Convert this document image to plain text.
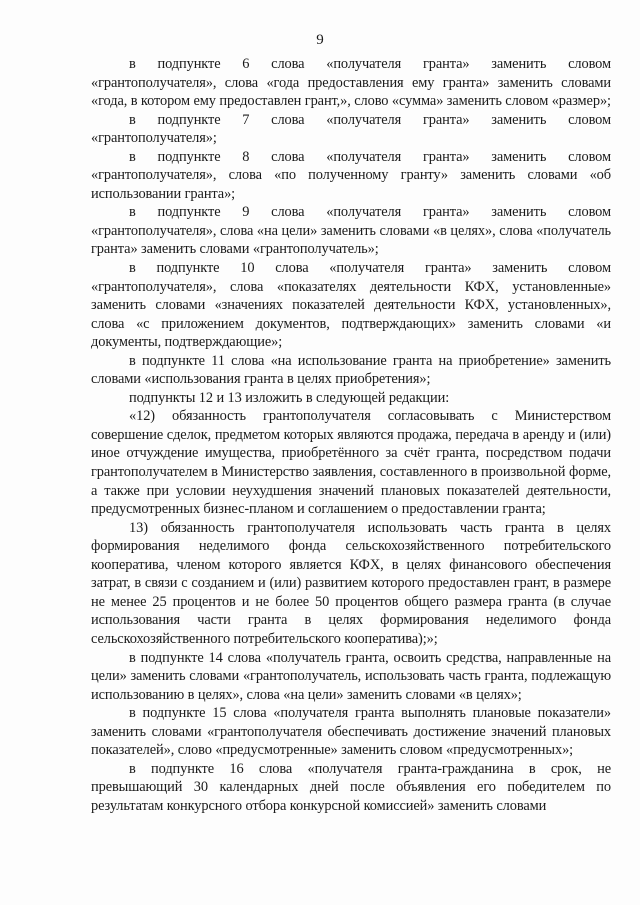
9

в подпункте 6 слова «получателя гранта» заменить словом «грантополучателя», слова «года предоставления ему гранта» заменить словами «года, в котором ему предоставлен грант,», слово «сумма» заменить словом «размер»;

в подпункте 7 слова «получателя гранта» заменить словом «грантополучателя»;

в подпункте 8 слова «получателя гранта» заменить словом «грантополучателя», слова «по полученному гранту» заменить словами «об использовании гранта»;

в подпункте 9 слова «получателя гранта» заменить словом «грантополучателя», слова «на цели» заменить словами «в целях», слова «получатель гранта» заменить словами «грантополучатель»;

в подпункте 10 слова «получателя гранта» заменить словом «грантополучателя», слова «показателях деятельности КФХ, установленные» заменить словами «значениях показателей деятельности КФХ, установленных», слова «с приложением документов, подтверждающих» заменить словами «и документы, подтверждающие»;

в подпункте 11 слова «на использование гранта на приобретение» заменить словами «использования гранта в целях приобретения»;

подпункты 12 и 13 изложить в следующей редакции:

«12) обязанность грантополучателя согласовывать с Министерством совершение сделок, предметом которых являются продажа, передача в аренду и (или) иное отчуждение имущества, приобретённого за счёт гранта, посредством подачи грантополучателем в Министерство заявления, составленного в произвольной форме, а также при условии неухудшения значений плановых показателей деятельности, предусмотренных бизнес-планом и соглашением о предоставлении гранта;

13) обязанность грантополучателя использовать часть гранта в целях формирования неделимого фонда сельскохозяйственного потребительского кооператива, членом которого является КФХ, в целях финансового обеспечения затрат, в связи с созданием и (или) развитием которого предоставлен грант, в размере не менее 25 процентов и не более 50 процентов общего размера гранта (в случае использования части гранта в целях формирования неделимого фонда сельскохозяйственного потребительского кооператива);»;

в подпункте 14 слова «получатель гранта, освоить средства, направленные на цели» заменить словами «грантополучатель, использовать часть гранта, подлежащую использованию в целях», слова «на цели» заменить словами «в целях»;

в подпункте 15 слова «получателя гранта выполнять плановые показатели» заменить словами «грантополучателя обеспечивать достижение значений плановых показателей», слово «предусмотренные» заменить словом «предусмотренных»;

в подпункте 16 слова «получателя гранта-гражданина в срок, не превышающий 30 календарных дней после объявления его победителем по результатам конкурсного отбора конкурсной комиссией» заменить словами
